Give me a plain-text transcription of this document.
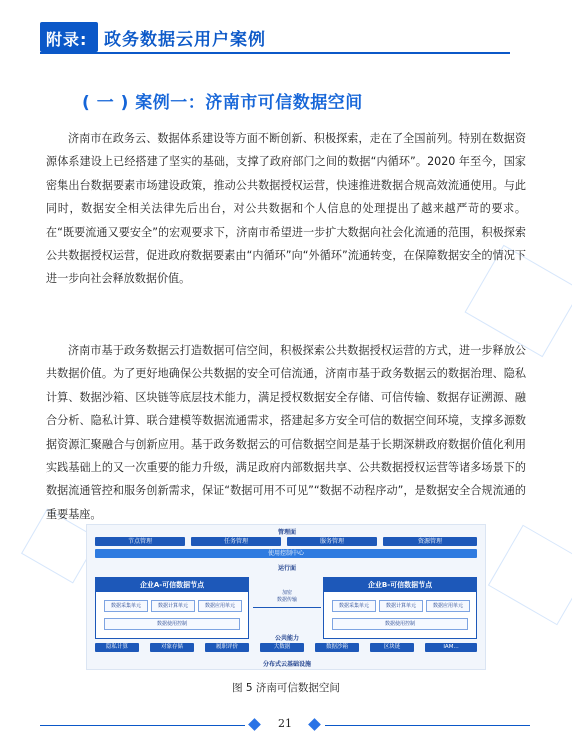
附录: 政务数据云用户案例
( 一 ) 案例一：济南市可信数据空间

济南市在政务云、数据体系建设等方面不断创新、积极探索，走在了全国前列。特别在数据资源体系建设上已经搭建了坚实的基础，支撑了政府部门之间的数据“内循环”。2020 年至今，国家密集出台数据要素市场建设政策，推动公共数据授权运营，快速推进数据合规高效流通使用。与此同时，数据安全相关法律先后出台，对公共数据和个人信息的处理提出了越来越严苛的要求。在“既要流通又要安全”的宏观要求下，济南市希望进一步扩大数据向社会化流通的范围，积极探索公共数据授权运营，促进政府数据要素由“内循环”向“外循环”流通转变，在保障数据安全的情况下进一步向社会释放数据价值。

济南市基于政务数据云打造数据可信空间，积极探索公共数据授权运营的方式，进一步释放公共数据价值。为了更好地确保公共数据的安全可信流通，济南市基于政务数据云的数据治理、隐私计算、数据沙箱、区块链等底层技术能力，满足授权数据安全存储、可信传输、数据存证溯源、融合分析、隐私计算、联合建模等数据流通需求，搭建起多方安全可信的数据空间环境，支撑多源数据资源汇聚融合与创新应用。基于政务数据云的可信数据空间是基于长期深耕政府数据价值化利用实践基础上的又一次重要的能力升级，满足政府内部数据共享、公共数据授权运营等诸多场景下的数据流通管控和服务创新需求，保证“数据可用不可见”“数据不动程序动”，是数据安全合规流通的重要基座。

管理面
节点管理	任务管理	服务管理	资源管理
使用控制中心
运行面
企业A-可信数据节点
数据采集单元	数据计算单元	数据应用单元
数据使用控制
加密
数据传输
企业B-可信数据节点
数据采集单元	数据计算单元	数据应用单元
数据使用控制
公共能力
隐私计算	对象存储	履职评价	大数据	数据沙箱	区块链	IAM...
分布式云基础设施
图 5 济南可信数据空间
21
